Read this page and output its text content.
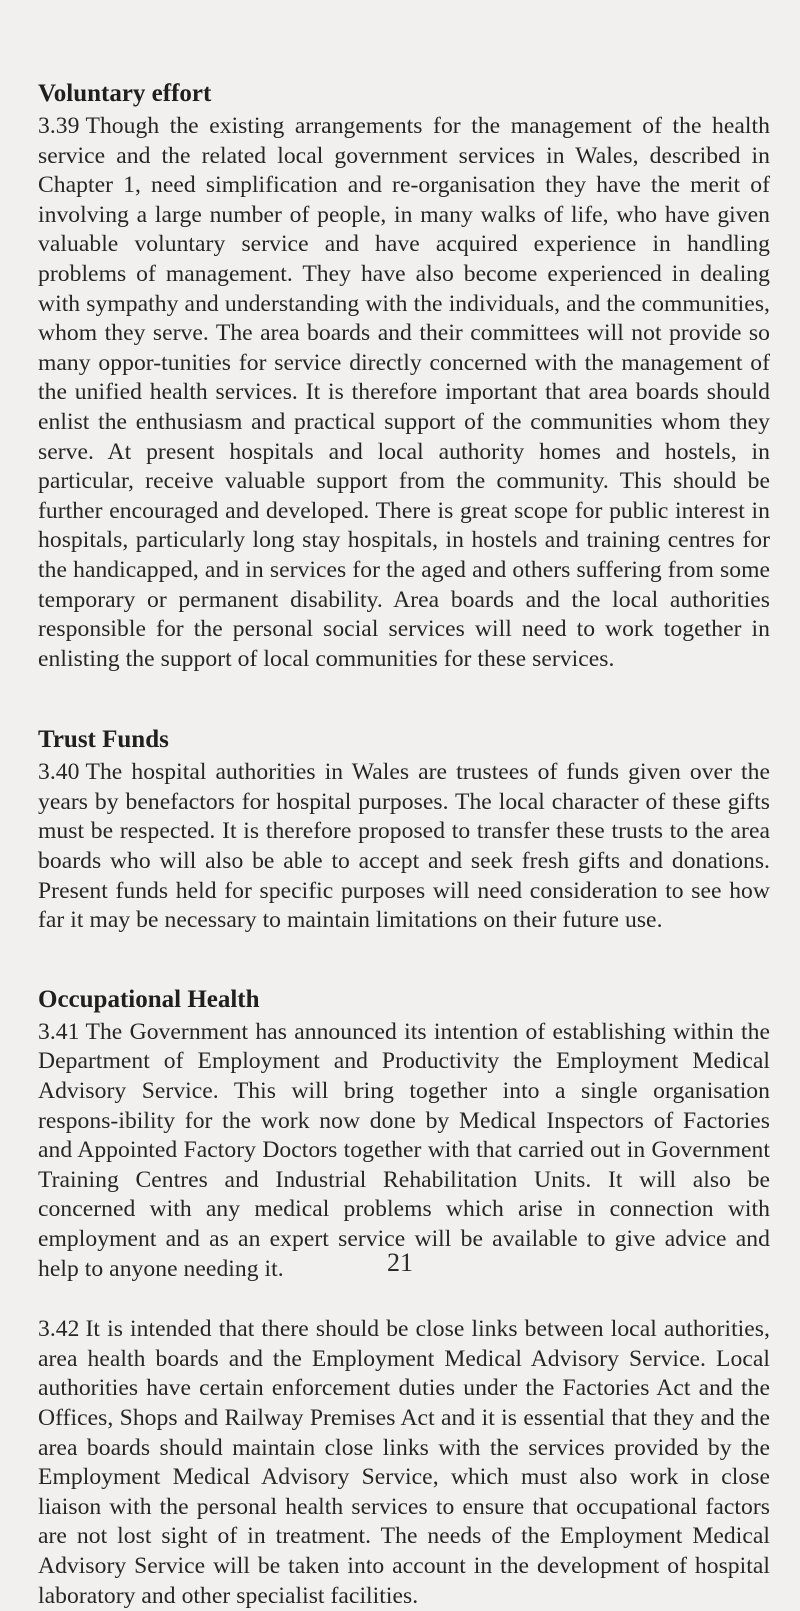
Voluntary effort

3.39 Though the existing arrangements for the management of the health service and the related local government services in Wales, described in Chapter 1, need simplification and re-organisation they have the merit of involving a large number of people, in many walks of life, who have given valuable voluntary service and have acquired experience in handling problems of management. They have also become experienced in dealing with sympathy and understanding with the individuals, and the communities, whom they serve. The area boards and their committees will not provide so many oppor-tunities for service directly concerned with the management of the unified health services. It is therefore important that area boards should enlist the enthusiasm and practical support of the communities whom they serve. At present hospitals and local authority homes and hostels, in particular, receive valuable support from the community. This should be further encouraged and developed. There is great scope for public interest in hospitals, particularly long stay hospitals, in hostels and training centres for the handicapped, and in services for the aged and others suffering from some temporary or permanent disability. Area boards and the local authorities responsible for the personal social services will need to work together in enlisting the support of local communities for these services.

Trust Funds

3.40 The hospital authorities in Wales are trustees of funds given over the years by benefactors for hospital purposes. The local character of these gifts must be respected. It is therefore proposed to transfer these trusts to the area boards who will also be able to accept and seek fresh gifts and donations. Present funds held for specific purposes will need consideration to see how far it may be necessary to maintain limitations on their future use.

Occupational Health

3.41 The Government has announced its intention of establishing within the Department of Employment and Productivity the Employment Medical Advisory Service. This will bring together into a single organisation respons-ibility for the work now done by Medical Inspectors of Factories and Appointed Factory Doctors together with that carried out in Government Training Centres and Industrial Rehabilitation Units. It will also be concerned with any medical problems which arise in connection with employment and as an expert service will be available to give advice and help to anyone needing it.

3.42 It is intended that there should be close links between local authorities, area health boards and the Employment Medical Advisory Service. Local authorities have certain enforcement duties under the Factories Act and the Offices, Shops and Railway Premises Act and it is essential that they and the area boards should maintain close links with the services provided by the Employment Medical Advisory Service, which must also work in close liaison with the personal health services to ensure that occupational factors are not lost sight of in treatment. The needs of the Employment Medical Advisory Service will be taken into account in the development of hospital laboratory and other specialist facilities.

21
